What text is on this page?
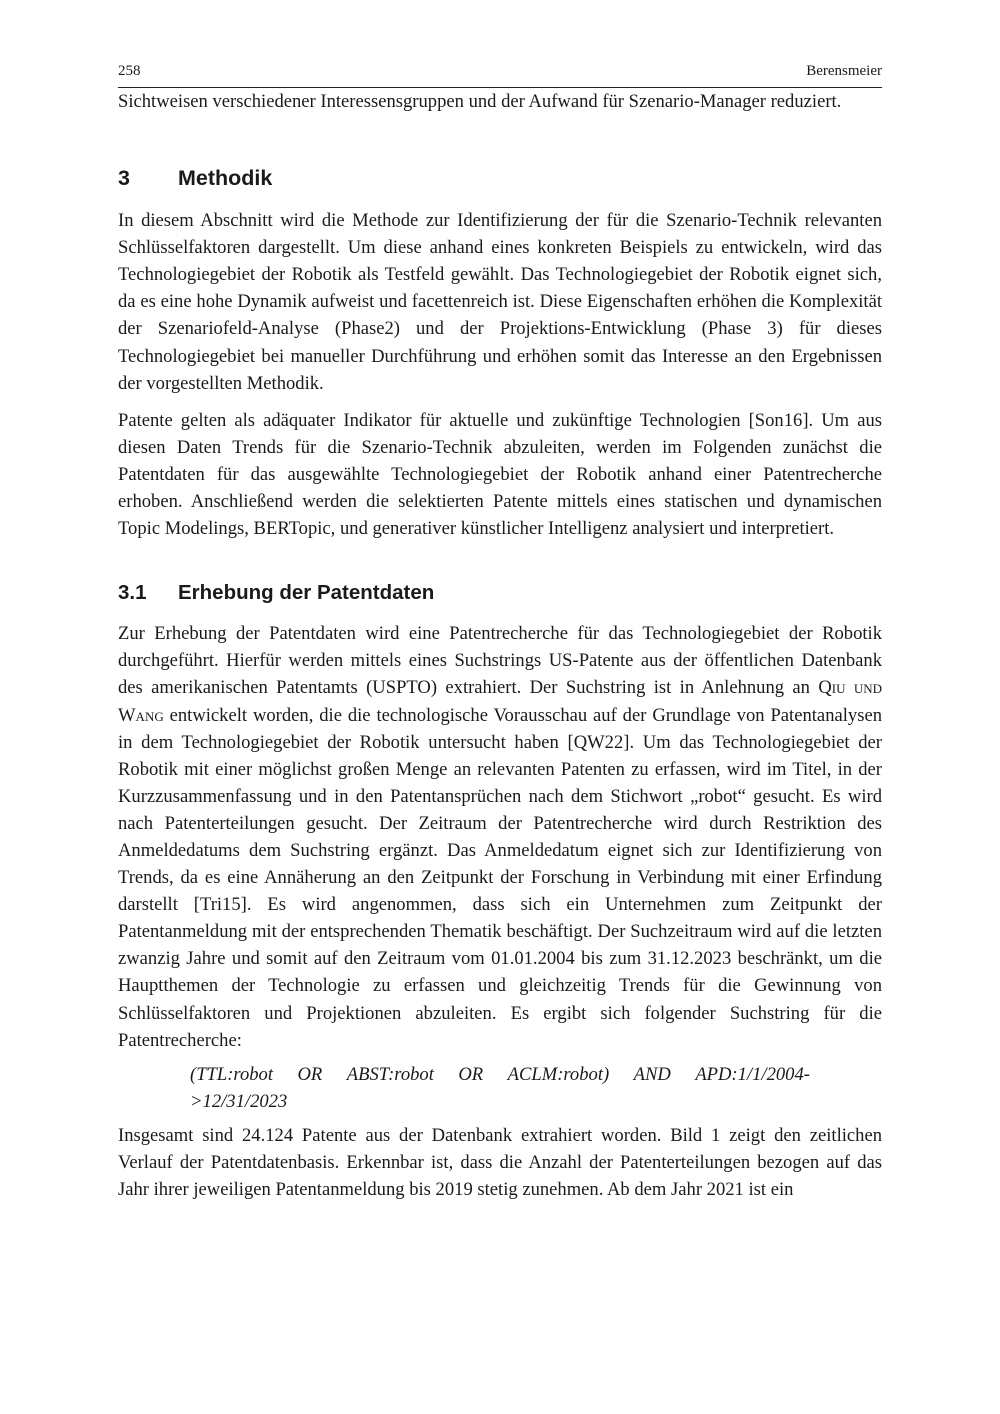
258	Berensmeier

Sichtweisen verschiedener Interessensgruppen und der Aufwand für Szenario-Manager reduziert.

3	Methodik

In diesem Abschnitt wird die Methode zur Identifizierung der für die Szenario-Technik relevanten Schlüsselfaktoren dargestellt. Um diese anhand eines konkreten Beispiels zu entwickeln, wird das Technologiegebiet der Robotik als Testfeld gewählt. Das Technologiegebiet der Robotik eignet sich, da es eine hohe Dynamik aufweist und facettenreich ist. Diese Eigenschaften erhöhen die Komplexität der Szenariofeld-Analyse (Phase2) und der Projektions-Entwicklung (Phase 3) für dieses Technologiegebiet bei manueller Durchführung und erhöhen somit das Interesse an den Ergebnissen der vorgestellten Methodik.

Patente gelten als adäquater Indikator für aktuelle und zukünftige Technologien [Son16]. Um aus diesen Daten Trends für die Szenario-Technik abzuleiten, werden im Folgenden zunächst die Patentdaten für das ausgewählte Technologiegebiet der Robotik anhand einer Patentrecherche erhoben. Anschließend werden die selektierten Patente mittels eines statischen und dynamischen Topic Modelings, BERTopic, und generativer künstlicher Intelligenz analysiert und interpretiert.

3.1	Erhebung der Patentdaten

Zur Erhebung der Patentdaten wird eine Patentrecherche für das Technologiegebiet der Robotik durchgeführt. Hierfür werden mittels eines Suchstrings US-Patente aus der öffentlichen Datenbank des amerikanischen Patentamts (USPTO) extrahiert. Der Suchstring ist in Anlehnung an Qiu und Wang entwickelt worden, die die technologische Vorausschau auf der Grundlage von Patentanalysen in dem Technologiegebiet der Robotik untersucht haben [QW22]. Um das Technologiegebiet der Robotik mit einer möglichst großen Menge an relevanten Patenten zu erfassen, wird im Titel, in der Kurzzusammenfassung und in den Patentansprüchen nach dem Stichwort „robot“ gesucht. Es wird nach Patenterteilungen gesucht. Der Zeitraum der Patentrecherche wird durch Restriktion des Anmeldedatums dem Suchstring ergänzt. Das Anmeldedatum eignet sich zur Identifizierung von Trends, da es eine Annäherung an den Zeitpunkt der Forschung in Verbindung mit einer Erfindung darstellt [Tri15]. Es wird angenommen, dass sich ein Unternehmen zum Zeitpunkt der Patentanmeldung mit der entsprechenden Thematik beschäftigt. Der Suchzeitraum wird auf die letzten zwanzig Jahre und somit auf den Zeitraum vom 01.01.2004 bis zum 31.12.2023 beschränkt, um die Hauptthemen der Technologie zu erfassen und gleichzeitig Trends für die Gewinnung von Schlüsselfaktoren und Projektionen abzuleiten. Es ergibt sich folgender Suchstring für die Patentrecherche:

(TTL:robot OR ABST:robot OR ACLM:robot) AND APD:1/1/2004-
>12/31/2023

Insgesamt sind 24.124 Patente aus der Datenbank extrahiert worden. Bild 1 zeigt den zeitlichen Verlauf der Patentdatenbasis. Erkennbar ist, dass die Anzahl der Patenterteilungen bezogen auf das Jahr ihrer jeweiligen Patentanmeldung bis 2019 stetig zunehmen. Ab dem Jahr 2021 ist ein
